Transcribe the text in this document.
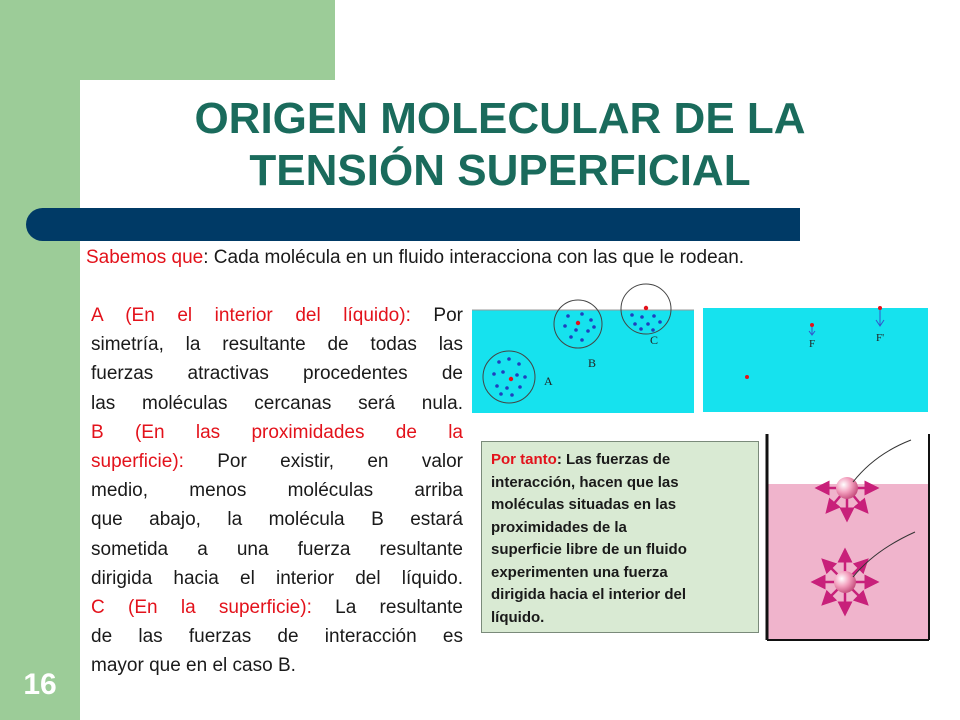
16
ORIGEN MOLECULAR DE LA
TENSIÓN SUPERFICIAL
Sabemos que: Cada molécula en un fluido interacciona con las que le rodean.
A (En el interior del líquido): Por
simetría, la resultante de todas las
fuerzas atractivas procedentes de
las moléculas cercanas será nula.
B (En las proximidades de la
superficie): Por existir, en valor
medio, menos moléculas arriba
que abajo, la molécula B estará
sometida a una fuerza resultante
dirigida hacia el interior del líquido.
C (En la superficie): La resultante
de las fuerzas de interacción es
mayor que en el caso B.
A
B
C	F	F'
Por tanto: Las fuerzas de
interacción, hacen que las
moléculas situadas en las
proximidades de la
superficie libre de un fluido
experimenten una fuerza
dirigida hacia el interior del
líquido.
